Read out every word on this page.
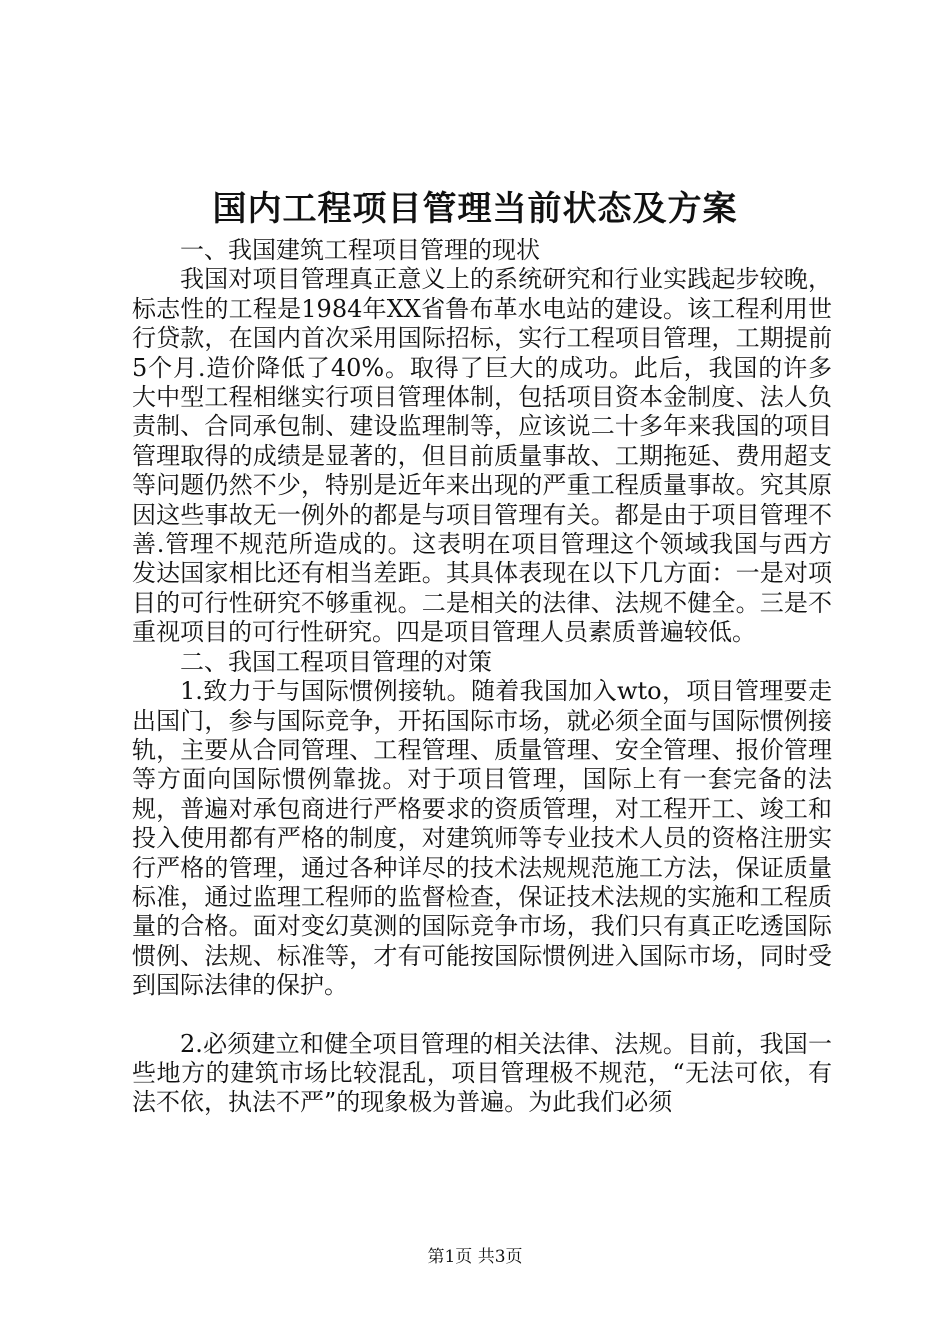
国内工程项目管理当前状态及方案

一、我国建筑工程项目管理的现状

我国对项目管理真正意义上的系统研究和行业实践起步较晚，标志性的工程是1984年XX省鲁布革水电站的建设。该工程利用世行贷款，在国内首次采用国际招标，实行工程项目管理，工期提前5个月.造价降低了40%。取得了巨大的成功。此后，我国的许多大中型工程相继实行项目管理体制，包括项目资本金制度、法人负责制、合同承包制、建设监理制等，应该说二十多年来我国的项目管理取得的成绩是显著的，但目前质量事故、工期拖延、费用超支等问题仍然不少，特别是近年来出现的严重工程质量事故。究其原因这些事故无一例外的都是与项目管理有关。都是由于项目管理不善.管理不规范所造成的。这表明在项目管理这个领域我国与西方发达国家相比还有相当差距。其具体表现在以下几方面：一是对项目的可行性研究不够重视。二是相关的法律、法规不健全。三是不重视项目的可行性研究。四是项目管理人员素质普遍较低。

二、我国工程项目管理的对策

1.致力于与国际惯例接轨。随着我国加入wto，项目管理要走出国门，参与国际竞争，开拓国际市场，就必须全面与国际惯例接轨，主要从合同管理、工程管理、质量管理、安全管理、报价管理等方面向国际惯例靠拢。对于项目管理，国际上有一套完备的法规，普遍对承包商进行严格要求的资质管理，对工程开工、竣工和投入使用都有严格的制度，对建筑师等专业技术人员的资格注册实行严格的管理，通过各种详尽的技术法规规范施工方法，保证质量标准，通过监理工程师的监督检查，保证技术法规的实施和工程质量的合格。面对变幻莫测的国际竞争市场，我们只有真正吃透国际惯例、法规、标准等，才有可能按国际惯例进入国际市场，同时受到国际法律的保护。

2.必须建立和健全项目管理的相关法律、法规。目前，我国一些地方的建筑市场比较混乱，项目管理极不规范，“无法可依，有法不依，执法不严”的现象极为普遍。为此我们必须

第1页 共3页
